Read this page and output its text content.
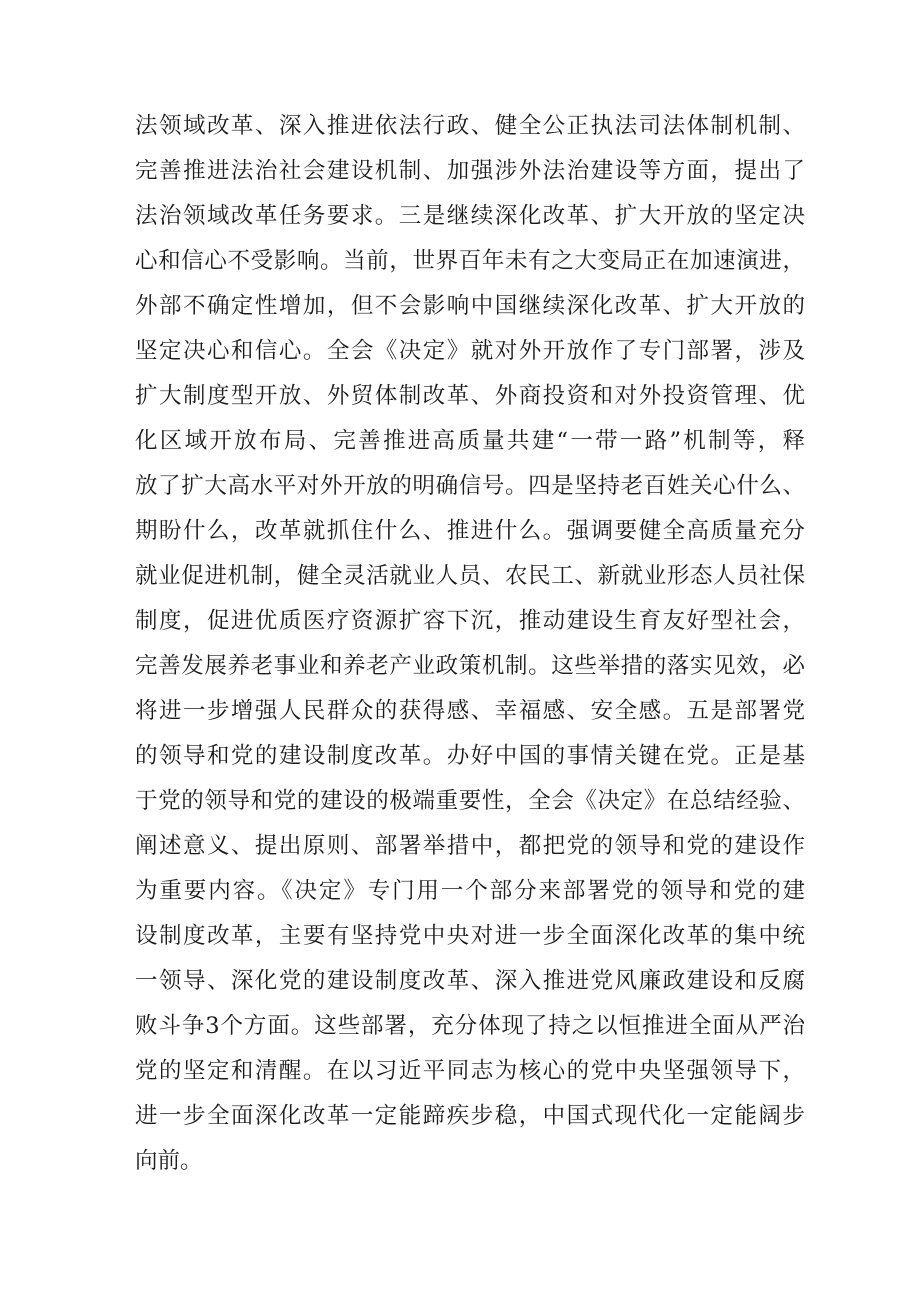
法领域改革、深入推进依法行政、健全公正执法司法体制机制、
完善推进法治社会建设机制、加强涉外法治建设等方面，提出了
法治领域改革任务要求。三是继续深化改革、扩大开放的坚定决
心和信心不受影响。当前，世界百年未有之大变局正在加速演进，
外部不确定性增加，但不会影响中国继续深化改革、扩大开放的
坚定决心和信心。全会《决定》就对外开放作了专门部署，涉及
扩大制度型开放、外贸体制改革、外商投资和对外投资管理、优
化区域开放布局、完善推进高质量共建“一带一路”机制等，释
放了扩大高水平对外开放的明确信号。四是坚持老百姓关心什么、
期盼什么，改革就抓住什么、推进什么。强调要健全高质量充分
就业促进机制，健全灵活就业人员、农民工、新就业形态人员社保
制度，促进优质医疗资源扩容下沉，推动建设生育友好型社会，
完善发展养老事业和养老产业政策机制。这些举措的落实见效，必
将进一步增强人民群众的获得感、幸福感、安全感。五是部署党
的领导和党的建设制度改革。办好中国的事情关键在党。正是基
于党的领导和党的建设的极端重要性，全会《决定》在总结经验、
阐述意义、提出原则、部署举措中，都把党的领导和党的建设作
为重要内容。《决定》专门用一个部分来部署党的领导和党的建
设制度改革，主要有坚持党中央对进一步全面深化改革的集中统
一领导、深化党的建设制度改革、深入推进党风廉政建设和反腐
败斗争3个方面。这些部署，充分体现了持之以恒推进全面从严治
党的坚定和清醒。在以习近平同志为核心的党中央坚强领导下，
进一步全面深化改革一定能蹄疾步稳，中国式现代化一定能阔步
向前。
